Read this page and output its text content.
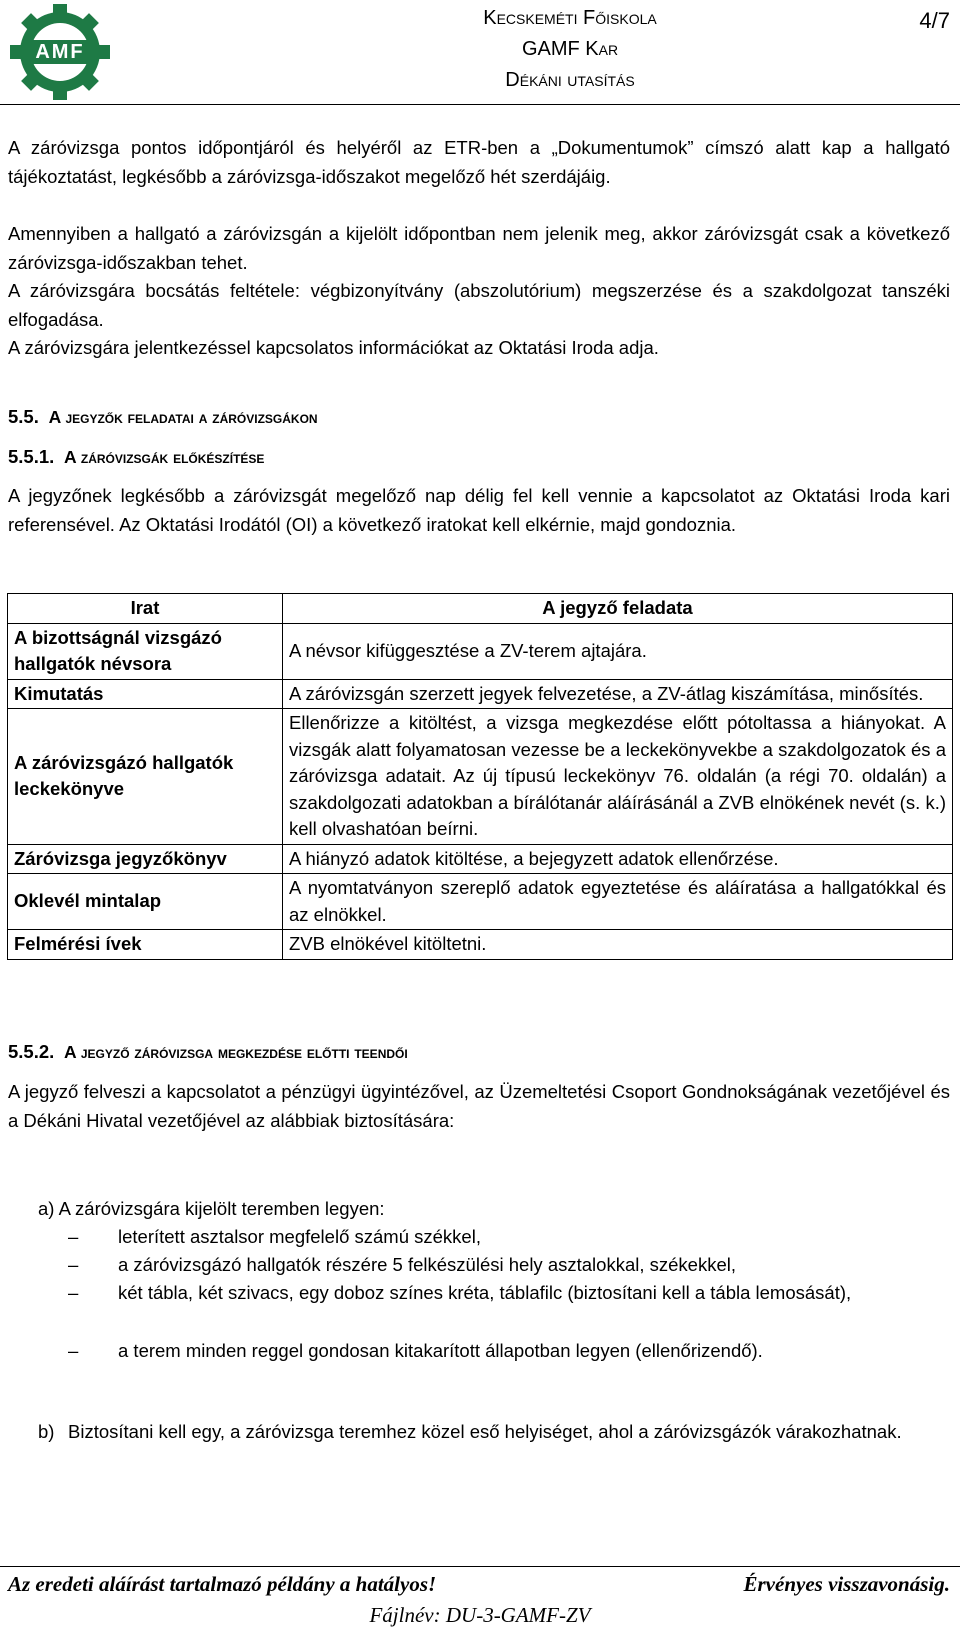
AMF
Kecskeméti Főiskola
GAMF Kar
Dékáni utasítás
4/7
A záróvizsga pontos időpontjáról és helyéről az ETR-ben a „Dokumentumok” címszó alatt kap a hallgató tájékoztatást, legkésőbb a záróvizsga-időszakot megelőző hét szerdájáig.
Amennyiben a hallgató a záróvizsgán a kijelölt időpontban nem jelenik meg, akkor záróvizsgát csak a következő záróvizsga-időszakban tehet.
A záróvizsgára bocsátás feltétele: végbizonyítvány (abszolutórium) megszerzése és a szakdolgozat tanszéki elfogadása.
A záróvizsgára jelentkezéssel kapcsolatos információkat az Oktatási Iroda adja.
5.5. A jegyzők feladatai a záróvizsgákon
5.5.1. A záróvizsgák előkészítése
A jegyzőnek legkésőbb a záróvizsgát megelőző nap délig fel kell vennie a kapcsolatot az Oktatási Iroda kari referensével. Az Oktatási Irodától (OI) a következő iratokat kell elkérnie, majd gondoznia.
Irat	A jegyző feladata
A bizottságnál vizsgázó hallgatók névsora	A névsor kifüggesztése a ZV-terem ajtajára.
Kimutatás	A záróvizsgán szerzett jegyek felvezetése, a ZV-átlag kiszámítása, minősítés.
A záróvizsgázó hallgatók leckekönyve	Ellenőrizze a kitöltést, a vizsga megkezdése előtt pótoltassa a hiányokat. A vizsgák alatt folyamatosan vezesse be a leckekönyvekbe a szakdolgozatok és a záróvizsga adatait. Az új típusú leckekönyv 76. oldalán (a régi 70. oldalán) a szakdolgozati adatokban a bírálótanár aláírásánál a ZVB elnökének nevét (s. k.) kell olvashatóan beírni.
Záróvizsga jegyzőkönyv	A hiányzó adatok kitöltése, a bejegyzett adatok ellenőrzése.
Oklevél mintalap	A nyomtatványon szereplő adatok egyeztetése és aláíratása a hallgatókkal és az elnökkel.
Felmérési ívek	ZVB elnökével kitöltetni.
5.5.2. A jegyző záróvizsga megkezdése előtti teendői
A jegyző felveszi a kapcsolatot a pénzügyi ügyintézővel, az Üzemeltetési Csoport Gondnokságának vezetőjével és a Dékáni Hivatal vezetőjével az alábbiak biztosítására:
a) A záróvizsgára kijelölt teremben legyen:
– leterített asztalsor megfelelő számú székkel,
– a záróvizsgázó hallgatók részére 5 felkészülési hely asztalokkal, székekkel,
– két tábla, két szivacs, egy doboz színes kréta, táblafilc (biztosítani kell a tábla lemosását),
– a terem minden reggel gondosan kitakarított állapotban legyen (ellenőrizendő).
b) Biztosítani kell egy, a záróvizsga teremhez közel eső helyiséget, ahol a záróvizsgázók várakozhatnak.
Az eredeti aláírást tartalmazó példány a hatályos!	Érvényes visszavonásig.
Fájlnév: DU-3-GAMF-ZV
